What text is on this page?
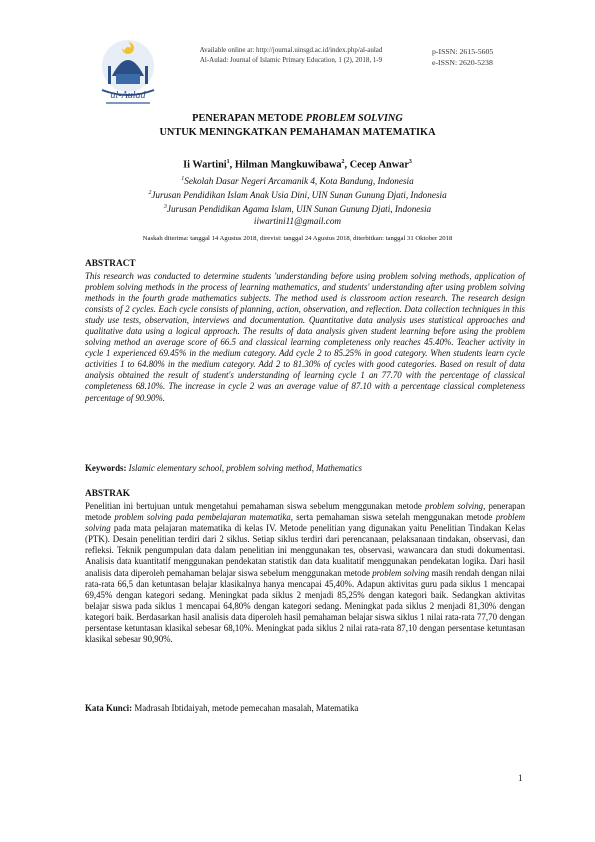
al-Aulad
Available online at: http://journal.uinsgd.ac.id/index.php/al-aulad
Al-Aulad: Journal of Islamic Primary Education, 1 (2), 2018, 1-9
p-ISSN: 2615-5605
e-ISSN: 2620-5238
PENERAPAN METODE PROBLEM SOLVING
UNTUK MENINGKATKAN PEMAHAMAN MATEMATIKA
Ii Wartini$^1$, Hilman Mangkuwibawa$^2$, Cecep Anwar$^3$
$^1$Sekolah Dasar Negeri Arcamanik 4, Kota Bandung, Indonesia
$^2$Jurusan Pendidikan Islam Anak Usia Dini, UIN Sunan Gunung Djati, Indonesia
$^3$Jurusan Pendidikan Agama Islam, UIN Sunan Gunung Djati, Indonesia
iiwartini11@gmail.com
Naskah diterima: tanggal 14 Agustus 2018, direvisi: tanggal 24 Agustus 2018, diterbitkan: tanggal 31 Oktober 2018
ABSTRACT
This research was conducted to determine students 'understanding before using problem solving methods, application of problem solving methods in the process of learning mathematics, and students' understanding after using problem solving methods in the fourth grade mathematics subjects. The method used is classroom action research. The research design consists of 2 cycles. Each cycle consists of planning, action, observation, and reflection. Data collection techniques in this study use tests, observation, interviews and documentation. Quantitative data analysis uses statistical approaches and qualitative data using a logical approach. The results of data analysis given student learning before using the problem solving method an average score of 66.5 and classical learning completeness only reaches 45.40%. Teacher activity in cycle 1 experienced 69.45% in the medium category. Add cycle 2 to 85.25% in good category. When students learn cycle activities 1 to 64.80% in the medium category. Add 2 to 81.30% of cycles with good categories. Based on result of data analysis obtained the result of student's understanding of learning cycle 1 an 77.70 with the percentage of classical completeness 68.10%. The increase in cycle 2 was an average value of 87.10 with a percentage classical completeness percentage of 90.90%.
Keywords: Islamic elementary school, problem solving method, Mathematics
ABSTRAK
Penelitian ini bertujuan untuk mengetahui pemahaman siswa sebelum menggunakan metode problem solving, penerapan metode problem solving pada pembelajaran matematika, serta pemahaman siswa setelah menggunakan metode problem solving pada mata pelajaran matematika di kelas IV. Metode penelitian yang digunakan yaitu Penelitian Tindakan Kelas (PTK). Desain penelitian terdiri dari 2 siklus. Setiap siklus terdiri dari perencanaan, pelaksanaan tindakan, observasi, dan refleksi. Teknik pengumpulan data dalam penelitian ini menggunakan tes, observasi, wawancara dan studi dokumentasi. Analisis data kuantitatif menggunakan pendekatan statistik dan data kualitatif menggunakan pendekatan logika. Dari hasil analisis data diperoleh pemahaman belajar siswa sebelum menggunakan metode problem solving masih rendah dengan nilai rata-rata 66,5 dan ketuntasan belajar klasikalnya hanya mencapai 45,40%. Adapun aktivitas guru pada siklus 1 mencapai 69,45% dengan kategori sedang. Meningkat pada siklus 2 menjadi 85,25% dengan kategori baik. Sedangkan aktivitas belajar siswa pada siklus 1 mencapai 64,80% dengan kategori sedang. Meningkat pada siklus 2 menjadi 81,30% dengan kategori baik. Berdasarkan hasil analisis data diperoleh hasil pemahaman belajar siswa siklus 1 nilai rata-rata 77,70 dengan persentase ketuntasan klasikal sebesar 68,10%. Meningkat pada siklus 2 nilai rata-rata 87,10 dengan persentase ketuntasan klasikal sebesar 90,90%.
Kata Kunci: Madrasah Ibtidaiyah, metode pemecahan masalah, Matematika
1
